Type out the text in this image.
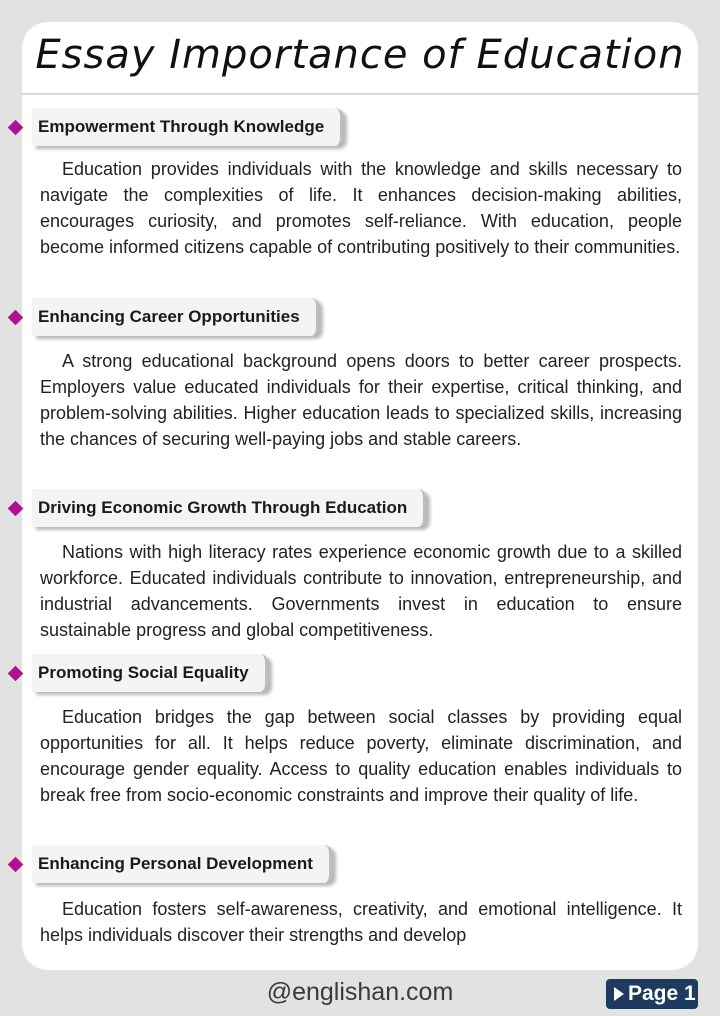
Essay Importance of Education
Empowerment Through Knowledge

Education provides individuals with the knowledge and skills necessary to navigate the complexities of life. It enhances decision-making abilities, encourages curiosity, and promotes self-reliance. With education, people become informed citizens capable of contributing positively to their communities.

Enhancing Career Opportunities

A strong educational background opens doors to better career prospects. Employers value educated individuals for their expertise, critical thinking, and problem-solving abilities. Higher education leads to specialized skills, increasing the chances of securing well-paying jobs and stable careers.

Driving Economic Growth Through Education

Nations with high literacy rates experience economic growth due to a skilled workforce. Educated individuals contribute to innovation, entrepreneurship, and industrial advancements. Governments invest in education to ensure sustainable progress and global competitiveness.

Promoting Social Equality

Education bridges the gap between social classes by providing equal opportunities for all. It helps reduce poverty, eliminate discrimination, and encourage gender equality. Access to quality education enables individuals to break free from socio-economic constraints and improve their quality of life.

Enhancing Personal Development

Education fosters self-awareness, creativity, and emotional intelligence. It helps individuals discover their strengths and develop

@englishan.com	Page 1
